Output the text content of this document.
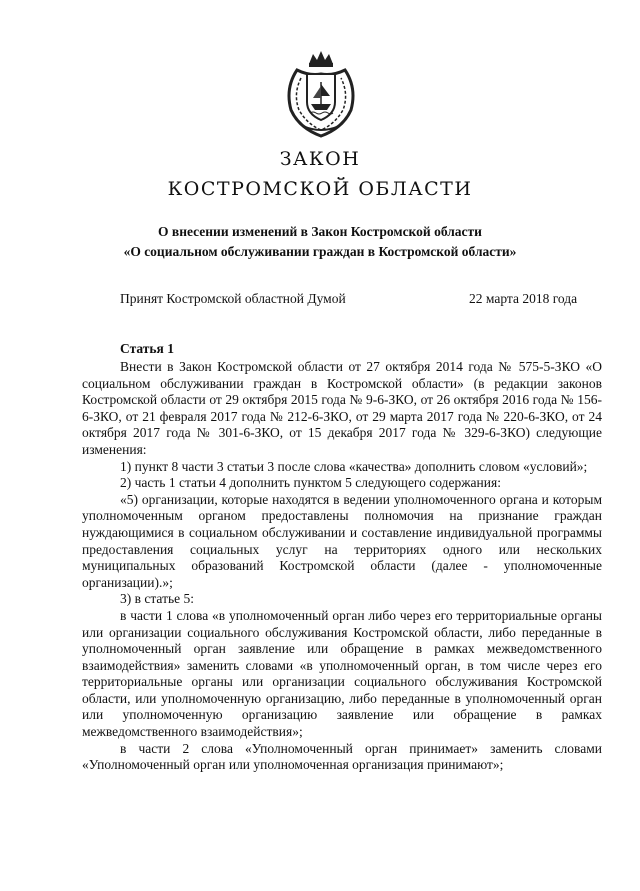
ЗАКОН
КОСТРОМСКОЙ ОБЛАСТИ
О внесении изменений в Закон Костромской области
«О социальном обслуживании граждан в Костромской области»
Принят Костромской областной Думой	22 марта 2018 года
Статья 1

Внести в Закон Костромской области от 27 октября 2014 года № 575-5-ЗКО «О социальном обслуживании граждан в Костромской области» (в редакции законов Костромской области от 29 октября 2015 года № 9-6-ЗКО, от 26 октября 2016 года № 156-6-ЗКО, от 21 февраля 2017 года № 212-6-ЗКО, от 29 марта 2017 года № 220-6-ЗКО, от 24 октября 2017 года № 301-6-ЗКО, от 15 декабря 2017 года № 329-6-ЗКО) следующие изменения:

1) пункт 8 части 3 статьи 3 после слова «качества» дополнить словом «условий»;

2) часть 1 статьи 4 дополнить пунктом 5 следующего содержания:

«5) организации, которые находятся в ведении уполномоченного органа и которым уполномоченным органом предоставлены полномочия на признание граждан нуждающимися в социальном обслуживании и составление индивидуальной программы предоставления социальных услуг на территориях одного или нескольких муниципальных образований Костромской области (далее - уполномоченные организации).»;

3) в статье 5:

в части 1 слова «в уполномоченный орган либо через его территориальные органы или организации социального обслуживания Костромской области, либо переданные в уполномоченный орган заявление или обращение в рамках межведомственного взаимодействия» заменить словами «в уполномоченный орган, в том числе через его территориальные органы или организации социального обслуживания Костромской области, или уполномоченную организацию, либо переданные в уполномоченный орган или уполномоченную организацию заявление или обращение в рамках межведомственного взаимодействия»;

в части 2 слова «Уполномоченный орган принимает» заменить словами «Уполномоченный орган или уполномоченная организация принимают»;
